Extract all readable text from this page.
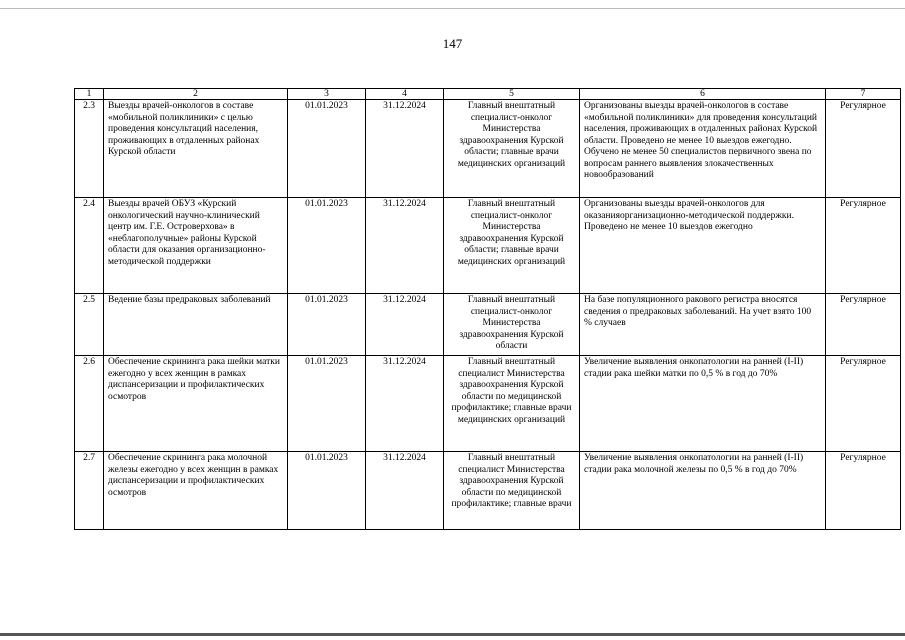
147
1	2	3	4	5	6	7
2.3	Выезды врачей-онкологов в составе «мобильной поликлиники» с целью проведения консультаций населения, проживающих в отдаленных районах Курской области	01.01.2023	31.12.2024	Главный внештатный специалист-онколог Министерства здравоохранения Курской области; главные врачи медицинских организаций	Организованы выезды врачей-онкологов в составе «мобильной поликлиники» для проведения консультаций населения, проживающих в отдаленных районах Курской области. Проведено не менее 10 выездов ежегодно. Обучено не менее 50 специалистов первичного звена по вопросам раннего выявления злокачественных новообразований	Регулярное
2.4	Выезды врачей ОБУЗ «Курский онкологический научно-клинический центр им. Г.Е. Островерхова» в «неблагополучные» районы Курской области для оказания организационно-методической поддержки	01.01.2023	31.12.2024	Главный внештатный специалист-онколог Министерства здравоохранения Курской области; главные врачи медицинских организаций	Организованы выезды врачей-онкологов для оказанияорганизационно-методической поддержки. Проведено не менее 10 выездов ежегодно	Регулярное
2.5	Ведение базы предраковых заболеваний	01.01.2023	31.12.2024	Главный внештатный специалист-онколог Министерства здравоохранения Курской области	На базе популяционного ракового регистра вносятся сведения о предраковых заболеваний. На учет взято 100 % случаев	Регулярное
2.6	Обеспечение скрининга рака шейки матки ежегодно у всех женщин в рамках диспансеризации и профилактических осмотров	01.01.2023	31.12.2024	Главный внештатный специалист Министерства здравоохранения Курской области по медицинской профилактике; главные врачи медицинских организаций	Увеличение выявления онкопатологии на ранней (I-II) стадии рака шейки матки по 0,5 % в год до 70%	Регулярное
2.7	Обеспечение скрининга рака молочной железы ежегодно у всех женщин в рамках диспансеризации и профилактических осмотров	01.01.2023	31.12.2024	Главный внештатный специалист Министерства здравоохранения Курской области по медицинской профилактике; главные врачи	Увеличение выявления онкопатологии на ранней (I-II) стадии рака молочной железы по 0,5 % в год до 70%	Регулярное
